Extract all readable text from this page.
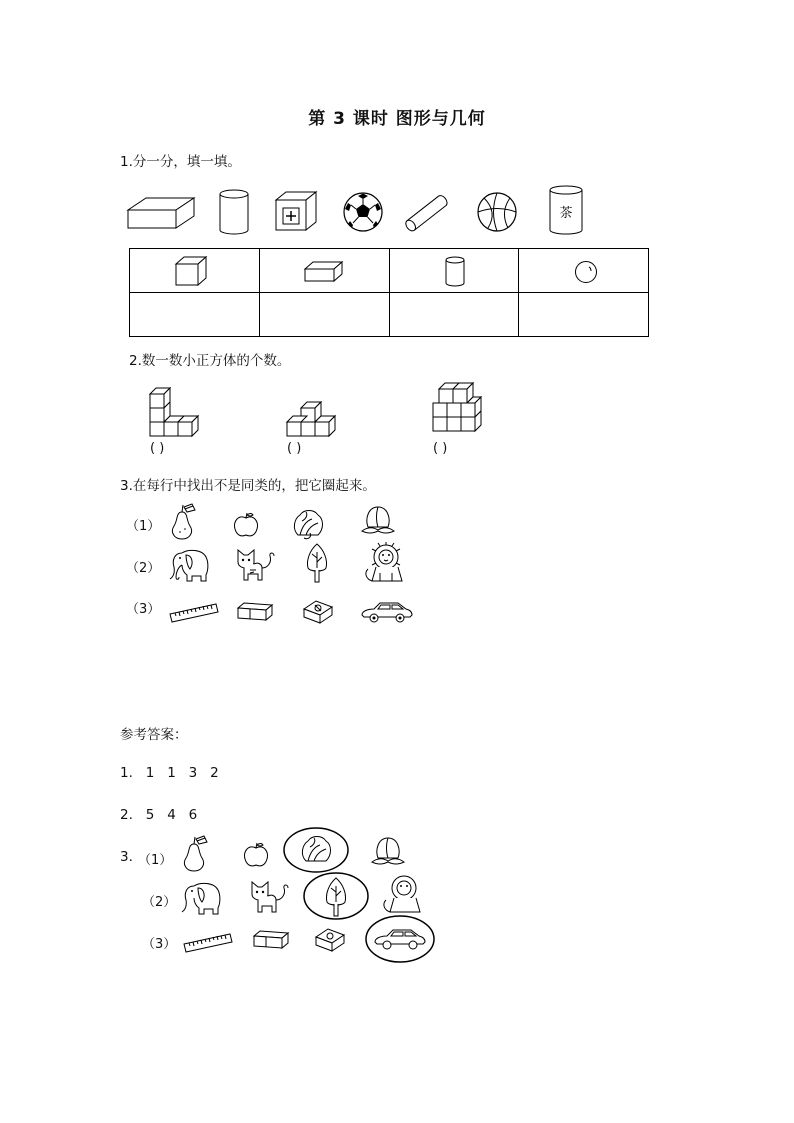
第 3 课时 图形与几何
1.分一分，填一填。
茶

2.数一数小正方体的个数。
( )	( )	( )
3.在每行中找出不是同类的，把它圈起来。
（1）
（2）
（3）
参考答案：
1.   1   1   3   2
2.   5   4   6
3. （1）
（2）
（3）
